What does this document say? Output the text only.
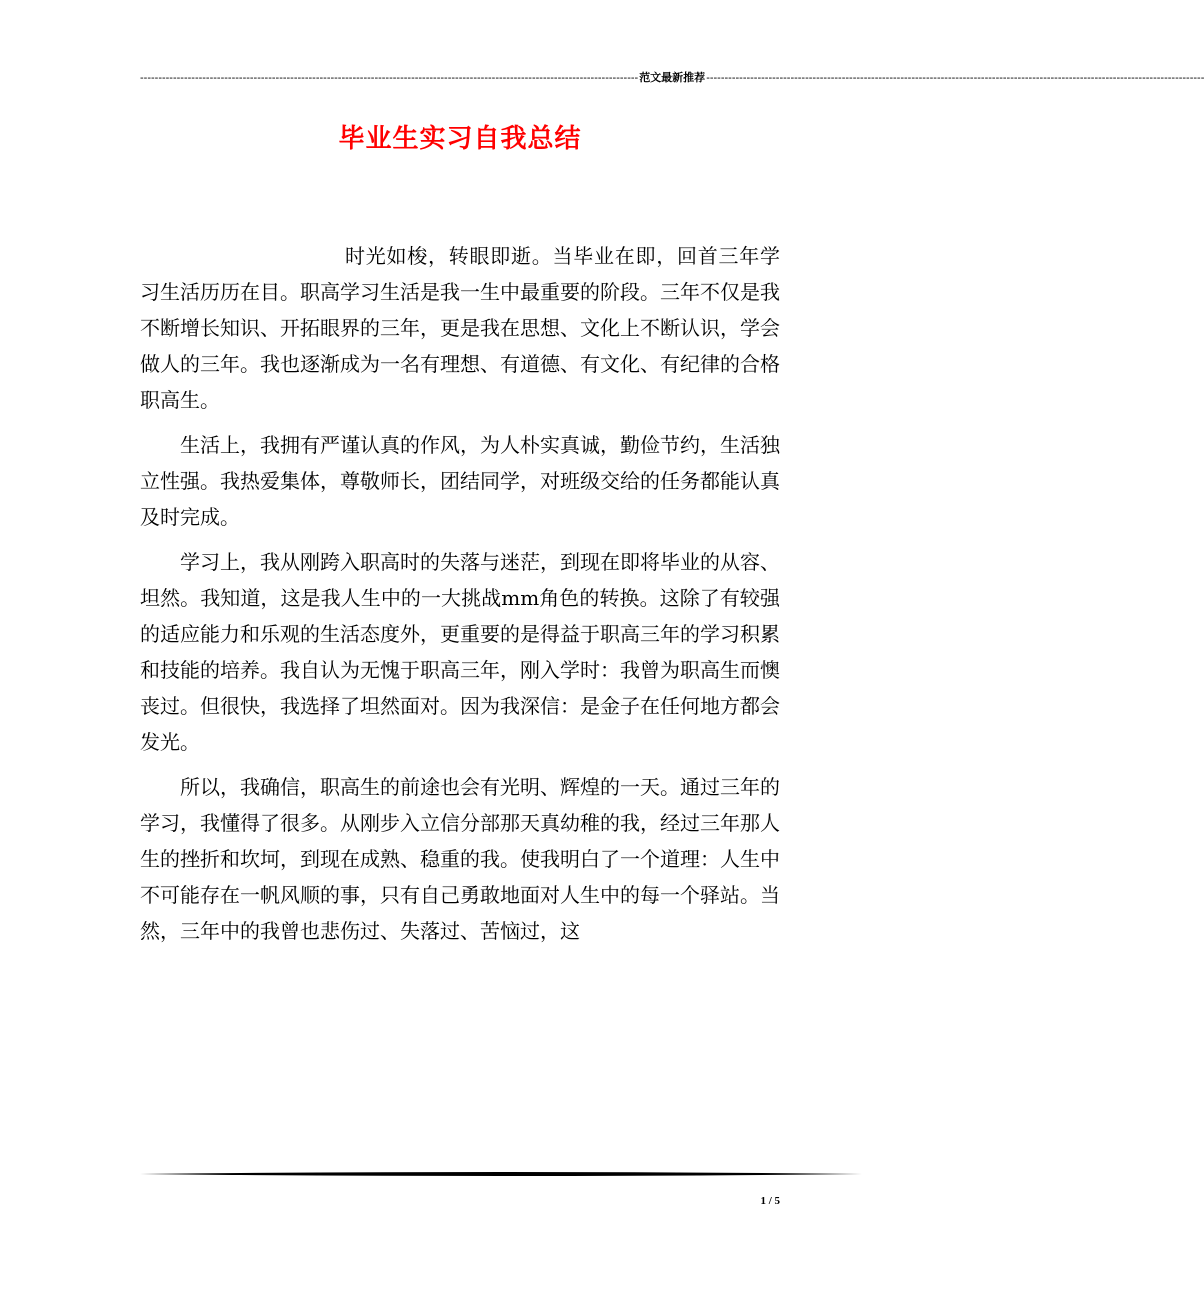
---------------------------------------------------------------------------------------------------------------------------------------- 范文最新推荐 ----------------------------------------------------------------------------------------------------------------------------------------
毕业生实习自我总结

时光如梭，转眼即逝。当毕业在即，回首三年学习生活历历在目。职高学习生活是我一生中最重要的阶段。三年不仅是我不断增长知识、开拓眼界的三年，更是我在思想、文化上不断认识，学会做人的三年。我也逐渐成为一名有理想、有道德、有文化、有纪律的合格职高生。

生活上，我拥有严谨认真的作风，为人朴实真诚，勤俭节约，生活独立性强。我热爱集体，尊敬师长，团结同学，对班级交给的任务都能认真及时完成。

学习上，我从刚跨入职高时的失落与迷茫，到现在即将毕业的从容、坦然。我知道，这是我人生中的一大挑战mm角色的转换。这除了有较强的适应能力和乐观的生活态度外，更重要的是得益于职高三年的学习积累和技能的培养。我自认为无愧于职高三年，刚入学时：我曾为职高生而懊丧过。但很快，我选择了坦然面对。因为我深信：是金子在任何地方都会发光。

所以，我确信，职高生的前途也会有光明、辉煌的一天。通过三年的学习，我懂得了很多。从刚步入立信分部那天真幼稚的我，经过三年那人生的挫折和坎坷，到现在成熟、稳重的我。使我明白了一个道理：人生中不可能存在一帆风顺的事，只有自己勇敢地面对人生中的每一个驿站。当然，三年中的我曾也悲伤过、失落过、苦恼过，这

1 / 5
